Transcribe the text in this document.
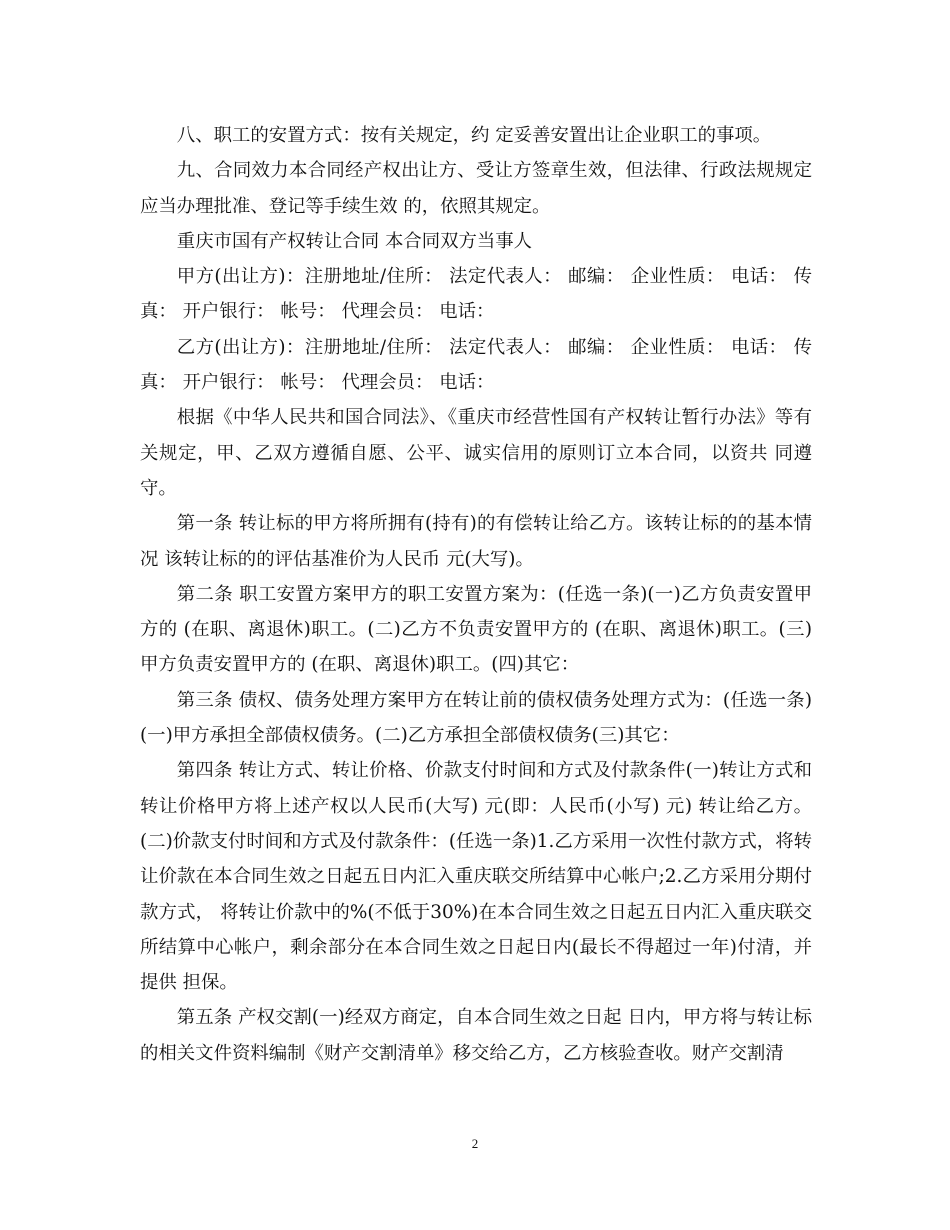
八、职工的安置方式：按有关规定，约 定妥善安置出让企业职工的事项。

九、合同效力本合同经产权出让方、受让方签章生效，但法律、行政法规规定应当办理批准、登记等手续生效 的，依照其规定。

重庆市国有产权转让合同 本合同双方当事人

甲方(出让方)：注册地址/住所： 法定代表人： 邮编： 企业性质： 电话： 传真： 开户银行： 帐号： 代理会员： 电话：

乙方(出让方)：注册地址/住所： 法定代表人： 邮编： 企业性质： 电话： 传真： 开户银行： 帐号： 代理会员： 电话：

根据《中华人民共和国合同法》、《重庆市经营性国有产权转让暂行办法》等有关规定，甲、乙双方遵循自愿、公平、诚实信用的原则订立本合同，以资共 同遵守。

第一条 转让标的甲方将所拥有(持有)的有偿转让给乙方。该转让标的的基本情况 该转让标的的评估基准价为人民币 元(大写)。

第二条 职工安置方案甲方的职工安置方案为：(任选一条)(一)乙方负责安置甲方的 (在职、离退休)职工。(二)乙方不负责安置甲方的 (在职、离退休)职工。(三)甲方负责安置甲方的 (在职、离退休)职工。(四)其它：

第三条 债权、债务处理方案甲方在转让前的债权债务处理方式为：(任选一条)(一)甲方承担全部债权债务。(二)乙方承担全部债权债务(三)其它：

第四条 转让方式、转让价格、价款支付时间和方式及付款条件(一)转让方式和转让价格甲方将上述产权以人民币(大写) 元(即：人民币(小写) 元) 转让给乙方。(二)价款支付时间和方式及付款条件：(任选一条)1.乙方采用一次性付款方式，将转让价款在本合同生效之日起五日内汇入重庆联交所结算中心帐户;2.乙方采用分期付款方式， 将转让价款中的%(不低于30%)在本合同生效之日起五日内汇入重庆联交所结算中心帐户，剩余部分在本合同生效之日起日内(最长不得超过一年)付清，并 提供 担保。

第五条 产权交割(一)经双方商定，自本合同生效之日起 日内，甲方将与转让标的相关文件资料编制《财产交割清单》移交给乙方，乙方核验查收。财产交割清

2
